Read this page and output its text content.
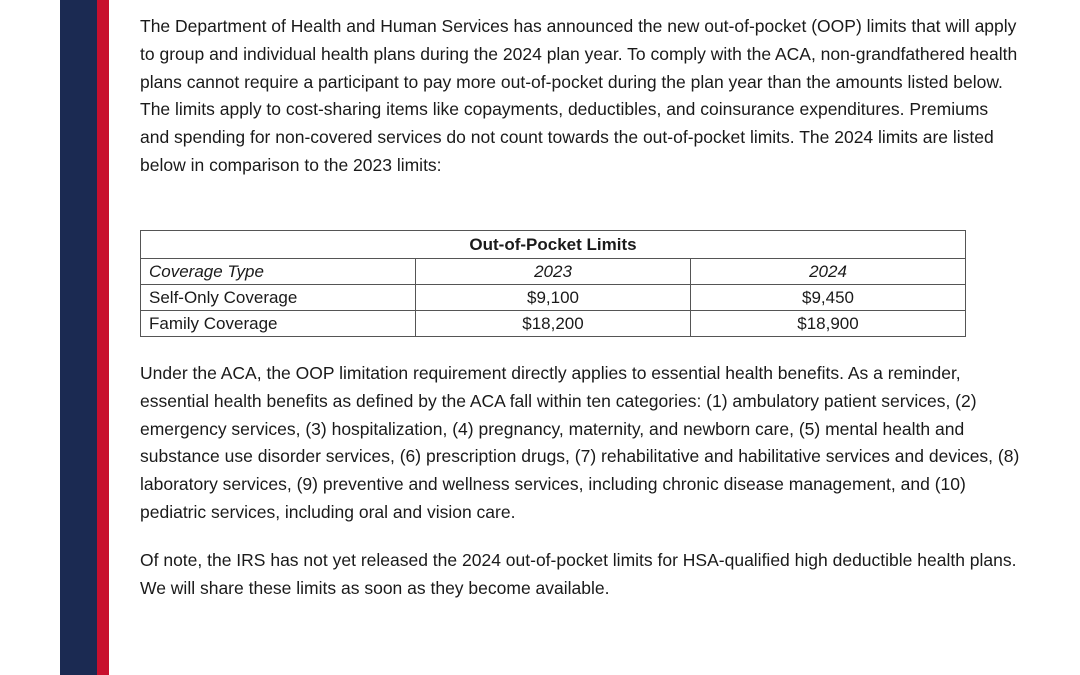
The Department of Health and Human Services has announced the new out-of-pocket (OOP) limits that will apply to group and individual health plans during the 2024 plan year. To comply with the ACA, non-grandfathered health plans cannot require a participant to pay more out-of-pocket during the plan year than the amounts listed below. The limits apply to cost-sharing items like copayments, deductibles, and coinsurance expenditures. Premiums and spending for non-covered services do not count towards the out-of-pocket limits. The 2024 limits are listed below in comparison to the 2023 limits:

Out-of-Pocket Limits		
Coverage Type	2023	2024
Self-Only Coverage	$9,100	$9,450
Family Coverage	$18,200	$18,900

Under the ACA, the OOP limitation requirement directly applies to essential health benefits. As a reminder, essential health benefits as defined by the ACA fall within ten categories: (1) ambulatory patient services, (2) emergency services, (3) hospitalization, (4) pregnancy, maternity, and newborn care, (5) mental health and substance use disorder services, (6) prescription drugs, (7) rehabilitative and habilitative services and devices, (8) laboratory services, (9) preventive and wellness services, including chronic disease management, and (10) pediatric services, including oral and vision care.

Of note, the IRS has not yet released the 2024 out-of-pocket limits for HSA-qualified high deductible health plans. We will share these limits as soon as they become available.
